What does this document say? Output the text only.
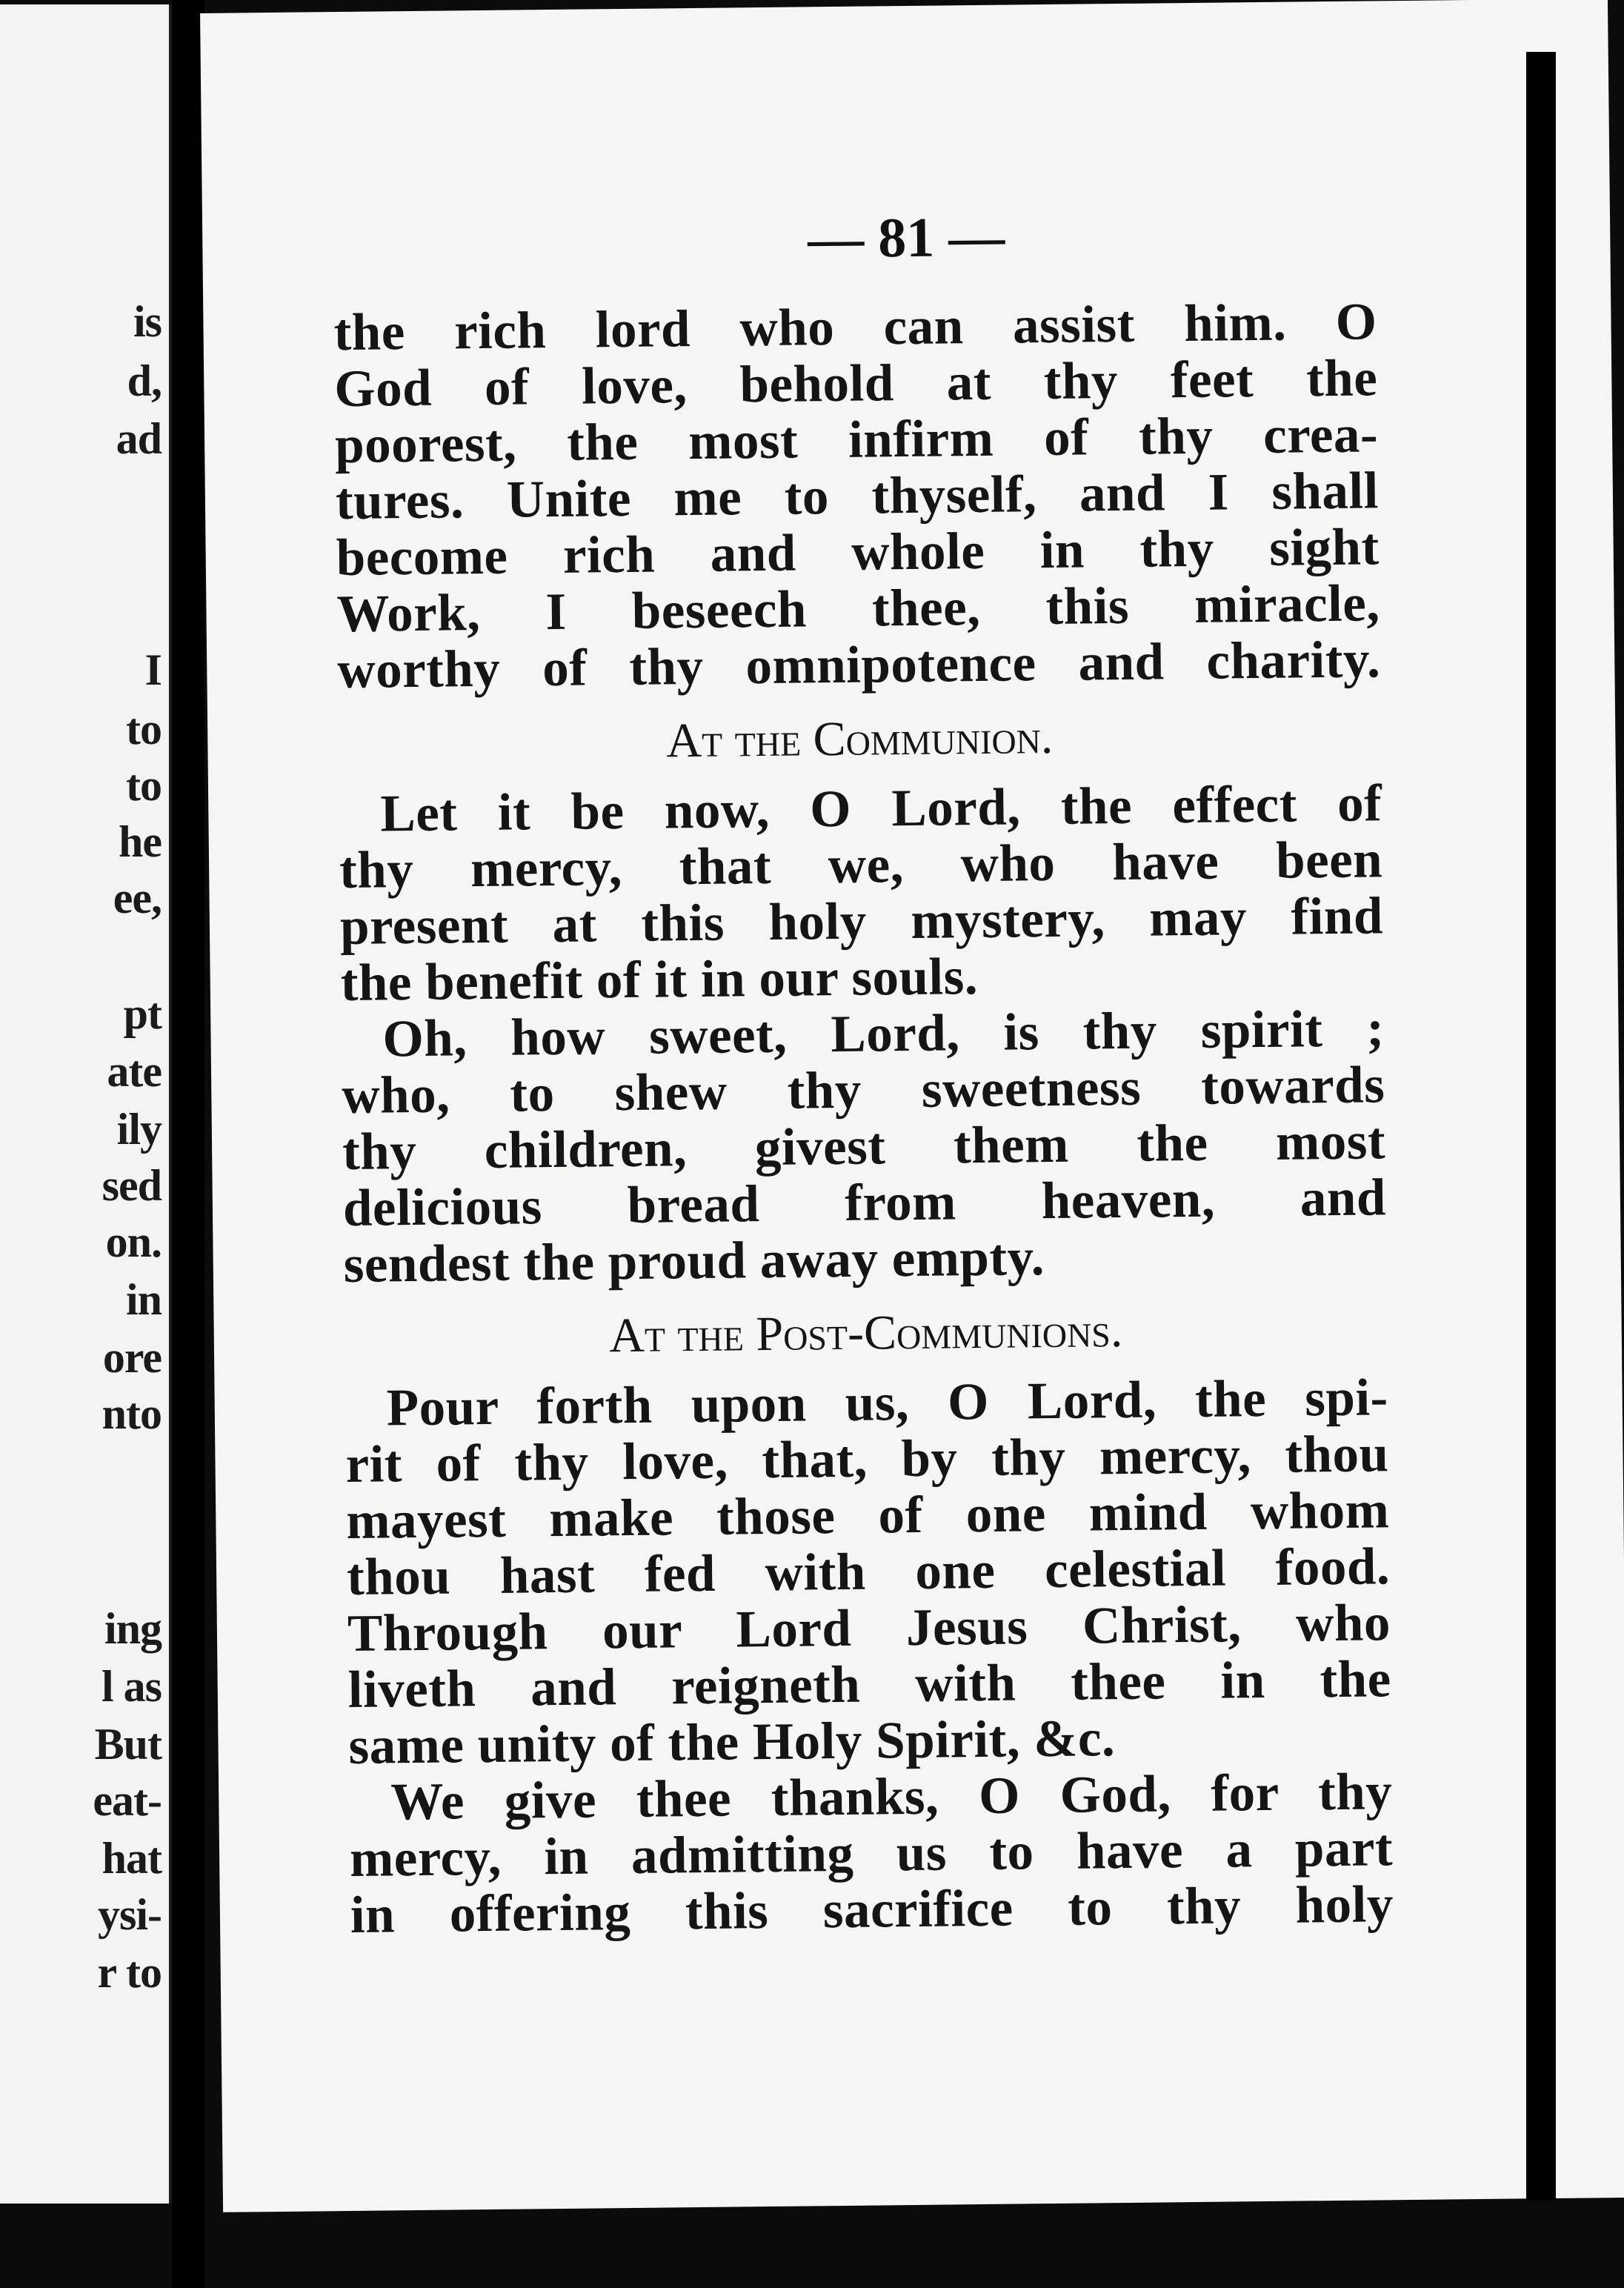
is
d,
ad
I
to
to
he
ee,
pt
ate
ily
sed
on.
in
ore
nto
ing
l as
But
eat-
hat
ysi-
r to
— 81 —
the rich lord who can assist him. O
God of love, behold at thy feet the
poorest, the most infirm of thy crea-
tures. Unite me to thyself, and I shall
become rich and whole in thy sight
Work, I beseech thee, this miracle,
worthy of thy omnipotence and charity.
At the Communion.
Let it be now, O Lord, the effect of
thy mercy, that we, who have been
present at this holy mystery, may find
the benefit of it in our souls.
Oh, how sweet, Lord, is thy spirit ;
who, to shew thy sweetness towards
thy children, givest them the most
delicious bread from heaven, and
sendest the proud away empty.
At the Post-Communions.
Pour forth upon us, O Lord, the spi-
rit of thy love, that, by thy mercy, thou
mayest make those of one mind whom
thou hast fed with one celestial food.
Through our Lord Jesus Christ, who
liveth and reigneth with thee in the
same unity of the Holy Spirit, &c.
We give thee thanks, O God, for thy
mercy, in admitting us to have a part
in offering this sacrifice to thy holy
